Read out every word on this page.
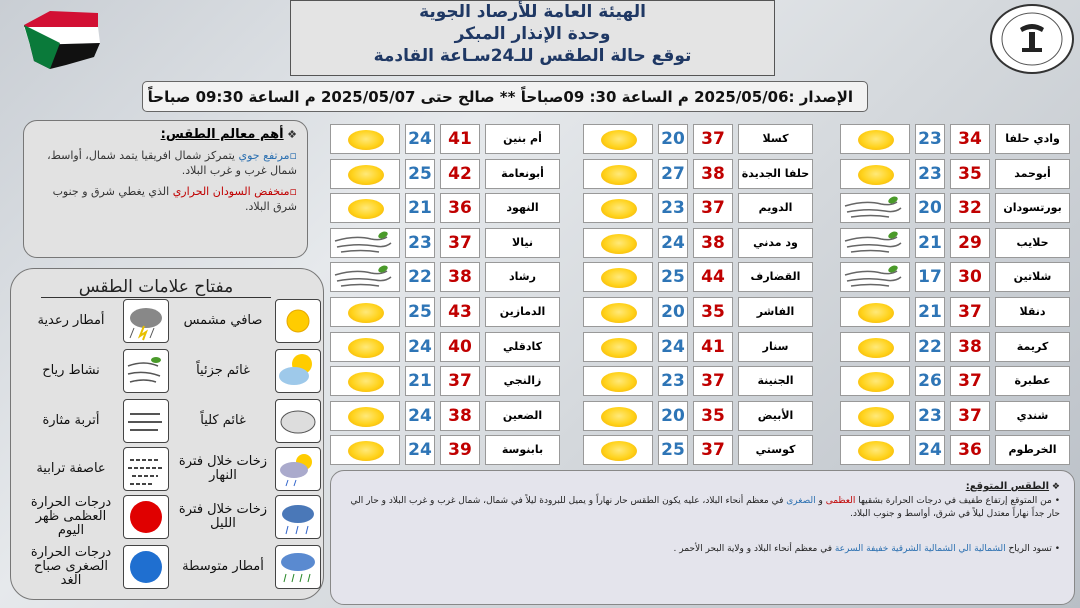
الهيئة العامة للأرصاد الجوية
وحدة الإنذار المبكر
توقع حالة الطقس للـ24سـاعة القادمة
الإصدار :2025/05/06 م الساعة 30: 09صباحاً ** صالح حتى 2025/05/07 م الساعة 09:30 صباحاً
❖ أهم معالم الطقس:

▫مرتفع جوي يتمركز شمال افريقيا يتمد شمال، أواسط، شمال غرب و غرب البلاد.

▫منخفض السودان الحراري الذي يغطي شرق و جنوب شرق البلاد.

مفتاح علامات الطقس
صافي مشمس
أمطار رعدية
غائم جزئياً
نشاط رياح
غائم كلياً
أتربة مثارة
زخات خلال فترة النهار
عاصفة ترابية
زخات خلال فترة الليل
درجات الحرارة العظمى ظهر اليوم
أمطار متوسطة
درجات الحرارة الصغرى صباح الغد
23 34	وادي حلفا
23 35	أبوحمد
20 32	بورتسودان
21 29	حلايب
17 30	شلاتين
21 37	دنقلا
22 38	كريمة
26 37	عطبرة
23 37	شندي
24 36	الخرطوم
20 37	كسلا
27 38	حلفا الجديدة
23 37	الدويم
24 38	ود مدني
25 44	القضارف
20 35	الفاشر
24 41	سنار
23 37	الجنينة
20 35	الأبيض
25 37	كوستي
24 41	أم بنين
25 42	أبونعامة
21 36	النهود
23 37	نيالا
22 38	رشاد
25 43	الدمازين
24 40	كادقلي
21 37	زالنجي
24 38	الضعين
24 39	بابنوسة
❖ الطقس المتوقع:

• من المتوقع إرتفاع طفيف في درجات الحرارة بشقيها العظمى و الصغرى في معظم أنحاء البلاد، عليه يكون الطقس حار نهاراً و يميل للبرودة ليلاً في شمال، شمال غرب و غرب البلاد و حار الي حار جداً نهاراً معتدل ليلاً في شرق، أواسط و جنوب البلاد.

• تسود الرياح الشمالية الي الشمالية الشرقية خفيفة السرعة في معظم أنحاء البلاد و ولاية البحر الأحمر .
